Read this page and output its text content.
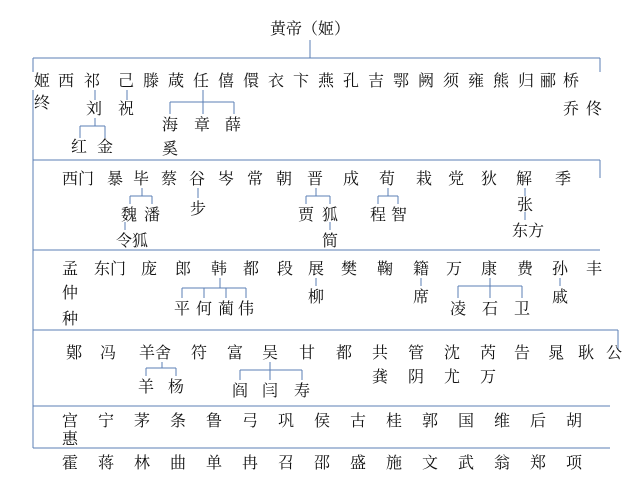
黄帝（姬）
姬 西 祁 己 滕 葴 任 僖 儇 衣 卞 燕 孔 吉 鄂 阙 须 雍 熊 归 郦 桥
终 刘
红 金
祝
海 章 薛
奚
乔 佟
西门 暴 毕 蔡 谷 岑 常 朝 晋 成 荀 栽 党 狄 解 季
魏 潘
令狐
步	贾 狐
简
程 智
张
东方
孟 东门 庞 郎 韩 都 段 展 樊 鞠 籍 万 康 费 孙 丰
仲
种
平 何 蔺 伟
柳	席
凌 石 卫
戚
鄚 冯 羊舍 符 富 吴 甘 都 共 管 沈 芮 告 晁 耿 公
羊 杨	阎 闫 寿
龚 阴 尤 万
宫 宁 茅 条 鲁 弓 巩 侯 古 桂 郭 国 维 后 胡
惠
霍 蒋 林 曲 单 冉 召 邵 盛 施 文 武 翁 郑 项
